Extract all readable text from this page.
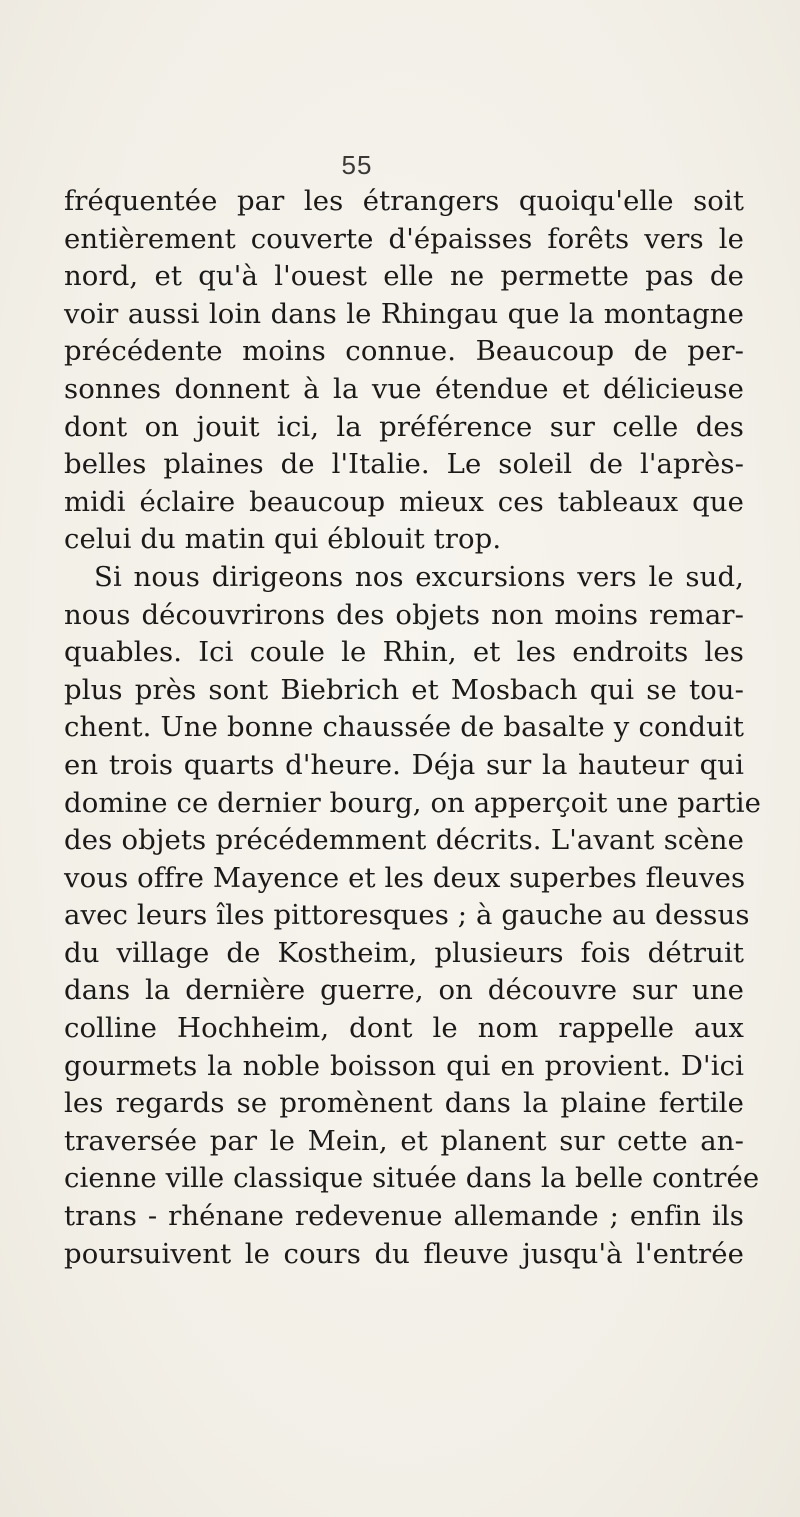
55
fréquentée par les étrangers quoiqu'elle soit
entièrement couverte d'épaisses forêts vers le
nord, et qu'à l'ouest elle ne permette pas de
voir aussi loin dans le Rhingau que la montagne
précédente moins connue. Beaucoup de per-
sonnes donnent à la vue étendue et délicieuse
dont on jouit ici, la préférence sur celle des
belles plaines de l'Italie. Le soleil de l'après-
midi éclaire beaucoup mieux ces tableaux que
celui du matin qui éblouit trop.
Si nous dirigeons nos excursions vers le sud,
nous découvrirons des objets non moins remar-
quables. Ici coule le Rhin, et les endroits les
plus près sont Biebrich et Mosbach qui se tou-
chent. Une bonne chaussée de basalte y conduit
en trois quarts d'heure. Déja sur la hauteur qui
domine ce dernier bourg, on apperçoit une partie
des objets précédemment décrits. L'avant scène
vous offre Mayence et les deux superbes fleuves
avec leurs îles pittoresques ; à gauche au dessus
du village de Kostheim, plusieurs fois détruit
dans la dernière guerre, on découvre sur une
colline Hochheim, dont le nom rappelle aux
gourmets la noble boisson qui en provient. D'ici
les regards se promènent dans la plaine fertile
traversée par le Mein, et planent sur cette an-
cienne ville classique située dans la belle contrée
trans - rhénane redevenue allemande ; enfin ils
poursuivent le cours du fleuve jusqu'à l'entrée
